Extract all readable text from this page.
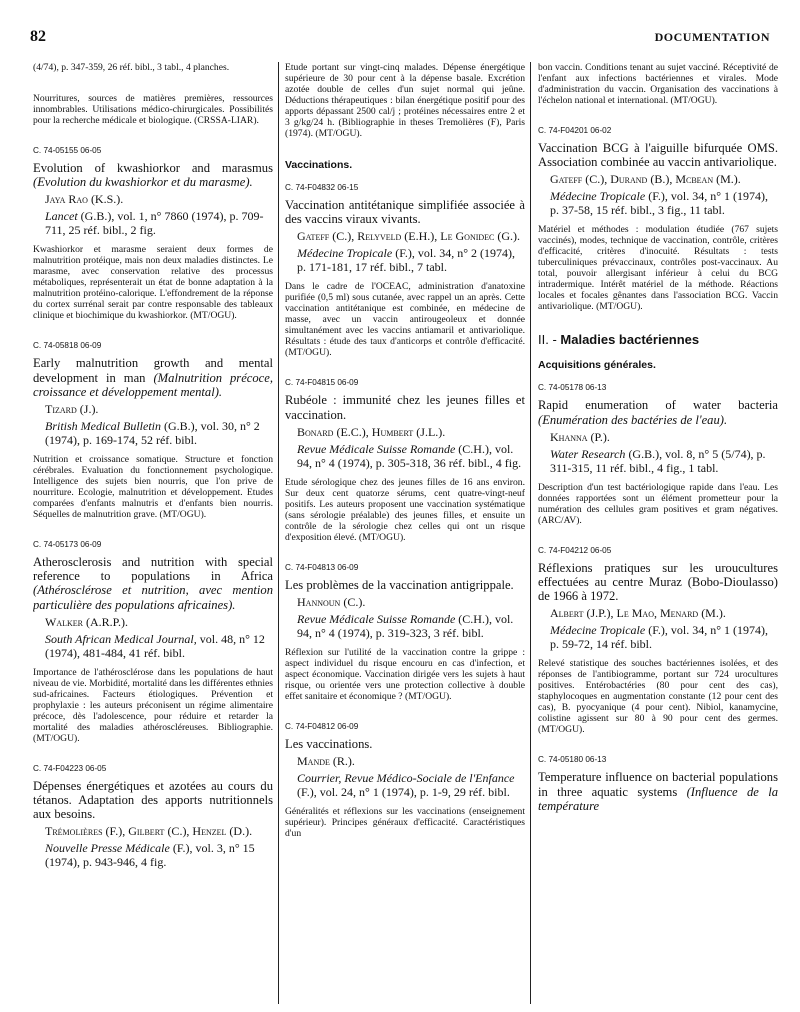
82	DOCUMENTATION

(4/74), p. 347-359, 26 réf. bibl., 3 tabl., 4 planches.

Nourritures, sources de matières premières, ressources innombrables. Utilisations médico-chirurgicales. Possibilités pour la recherche médicale et biologique. (CRSSA-LIAR).

C. 74-05155 06-05

Evolution of kwashiorkor and marasmus (Evolution du kwashiorkor et du marasme).

Jaya Rao (K.S.).

Lancet (G.B.), vol. 1, n° 7860 (1974), p. 709-711, 25 réf. bibl., 2 fig.

Kwashiorkor et marasme seraient deux formes de malnutrition protéique, mais non deux maladies distinctes. Le marasme, avec conservation relative des processus métaboliques, représenterait un état de bonne adaptation à la malnutrition protéino-calorique. L'effondrement de la réponse du cortex surrénal serait par contre responsable des tableaux clinique et biochimique du kwashiorkor. (MT/OGU).

C. 74-05818 06-09

Early malnutrition growth and mental development in man (Malnutrition précoce, croissance et développement mental).

Tizard (J.).

British Medical Bulletin (G.B.), vol. 30, n° 2 (1974), p. 169-174, 52 réf. bibl.

Nutrition et croissance somatique. Structure et fonction cérébrales. Evaluation du fonctionnement psychologique. Intelligence des sujets bien nourris, que l'on prive de nourriture. Ecologie, malnutrition et développement. Etudes comparées d'enfants malnutris et d'enfants bien nourris. Séquelles de malnutrition grave. (MT/OGU).

C. 74-05173 06-09

Atherosclerosis and nutrition with special reference to populations in Africa (Athérosclérose et nutrition, avec mention particulière des populations africaines).

Walker (A.R.P.).

South African Medical Journal, vol. 48, n° 12 (1974), 481-484, 41 réf. bibl.

Importance de l'athérosclérose dans les populations de haut niveau de vie. Morbidité, mortalité dans les différentes ethnies sud-africaines. Facteurs étiologiques. Prévention et prophylaxie : les auteurs préconisent un régime alimentaire précoce, dès l'adolescence, pour réduire et retarder la mortalité des maladies athéroscléreuses. Bibliographie. (MT/OGU).

C. 74-F04223 06-05

Dépenses énergétiques et azotées au cours du tétanos. Adaptation des apports nutritionnels aux besoins.

Trémolières (F.), Gilbert (C.), Henzel (D.).

Nouvelle Presse Médicale (F.), vol. 3, n° 15 (1974), p. 943-946, 4 fig.

Etude portant sur vingt-cinq malades. Dépense énergétique supérieure de 30 pour cent à la dépense basale. Excrétion azotée double de celles d'un sujet normal qui jeûne. Déductions thérapeutiques : bilan énergétique positif pour des apports dépassant 2500 cal/j ; protéines nécessaires entre 2 et 3 g/kg/24 h. (Bibliographie in theses Tremolières (F), Paris (1974). (MT/OGU).

Vaccinations.

C. 74-F04832 06-15

Vaccination antitétanique simplifiée associée à des vaccins viraux vivants.

Gateff (C.), Relyveld (E.H.), Le Gonidec (G.).

Médecine Tropicale (F.), vol. 34, n° 2 (1974), p. 171-181, 17 réf. bibl., 7 tabl.

Dans le cadre de l'OCEAC, administration d'anatoxine purifiée (0,5 ml) sous cutanée, avec rappel un an après. Cette vaccination antitétanique est combinée, en médecine de masse, avec un vaccin antirougeoleux et donnée simultanément avec les vaccins antiamaril et antivariolique. Résultats : étude des taux d'anticorps et contrôle d'efficacité. (MT/OGU).

C. 74-F04815 06-09

Rubéole : immunité chez les jeunes filles et vaccination.

Bonard (E.C.), Humbert (J.L.).

Revue Médicale Suisse Romande (C.H.), vol. 94, n° 4 (1974), p. 305-318, 36 réf. bibl., 4 fig.

Etude sérologique chez des jeunes filles de 16 ans environ. Sur deux cent quatorze sérums, cent quatre-vingt-neuf positifs. Les auteurs proposent une vaccination systématique (sans sérologie préalable) des jeunes filles, et ensuite un contrôle de la sérologie chez celles qui ont un risque d'exposition élevé. (MT/OGU).

C. 74-F04813 06-09

Les problèmes de la vaccination antigrippale.

Hannoun (C.).

Revue Médicale Suisse Romande (C.H.), vol. 94, n° 4 (1974), p. 319-323, 3 réf. bibl.

Réflexion sur l'utilité de la vaccination contre la grippe : aspect individuel du risque encouru en cas d'infection, et aspect économique. Vaccination dirigée vers les sujets à haut risque, ou orientée vers une protection collective à double effet sanitaire et économique ? (MT/OGU).

C. 74-F04812 06-09

Les vaccinations.

Mande (R.).

Courrier, Revue Médico-Sociale de l'Enfance (F.), vol. 24, n° 1 (1974), p. 1-9, 29 réf. bibl.

Généralités et réflexions sur les vaccinations (enseignement supérieur). Principes généraux d'efficacité. Caractéristiques d'un

bon vaccin. Conditions tenant au sujet vacciné. Réceptivité de l'enfant aux infections bactériennes et virales. Mode d'administration du vaccin. Organisation des vaccinations à l'échelon national et international. (MT/OGU).

C. 74-F04201 06-02

Vaccination BCG à l'aiguille bifurquée OMS. Association combinée au vaccin antivariolique.

Gateff (C.), Durand (B.), Mcbean (M.).

Médecine Tropicale (F.), vol. 34, n° 1 (1974), p. 37-58, 15 réf. bibl., 3 fig., 11 tabl.

Matériel et méthodes : modulation étudiée (767 sujets vaccinés), modes, technique de vaccination, contrôle, critères d'efficacité, critères d'inocuité. Résultats : tests tuberculiniques prévaccinaux, contrôles post-vaccinaux. Au total, pouvoir allergisant inférieur à celui du BCG intradermique. Intérêt matériel de la méthode. Réactions locales et focales gênantes dans l'association BCG. Vaccin antivariolique. (MT/OGU).

II. - Maladies bactériennes

Acquisitions générales.

C. 74-05178 06-13

Rapid enumeration of water bacteria (Enumération des bactéries de l'eau).

Khanna (P.).

Water Research (G.B.), vol. 8, n° 5 (5/74), p. 311-315, 11 réf. bibl., 4 fig., 1 tabl.

Description d'un test bactériologique rapide dans l'eau. Les données rapportées sont un élément prometteur pour la numération des cellules gram positives et gram négatives. (ARC/AV).

C. 74-F04212 06-05

Réflexions pratiques sur les uroucultures effectuées au centre Muraz (Bobo-Dioulasso) de 1966 à 1972.

Albert (J.P.), Le Mao, Menard (M.).

Médecine Tropicale (F.), vol. 34, n° 1 (1974), p. 59-72, 14 réf. bibl.

Relevé statistique des souches bactériennes isolées, et des réponses de l'antibiogramme, portant sur 724 urocultures positives. Entérobactéries (80 pour cent des cas), staphylocoques en augmentation constante (12 pour cent des cas), B. pyocyanique (4 pour cent). Nibiol, kanamycine, colistine agissent sur 80 à 90 pour cent des germes. (MT/OGU).

C. 74-05180 06-13

Temperature influence on bacterial populations in three aquatic systems (Influence de la température
